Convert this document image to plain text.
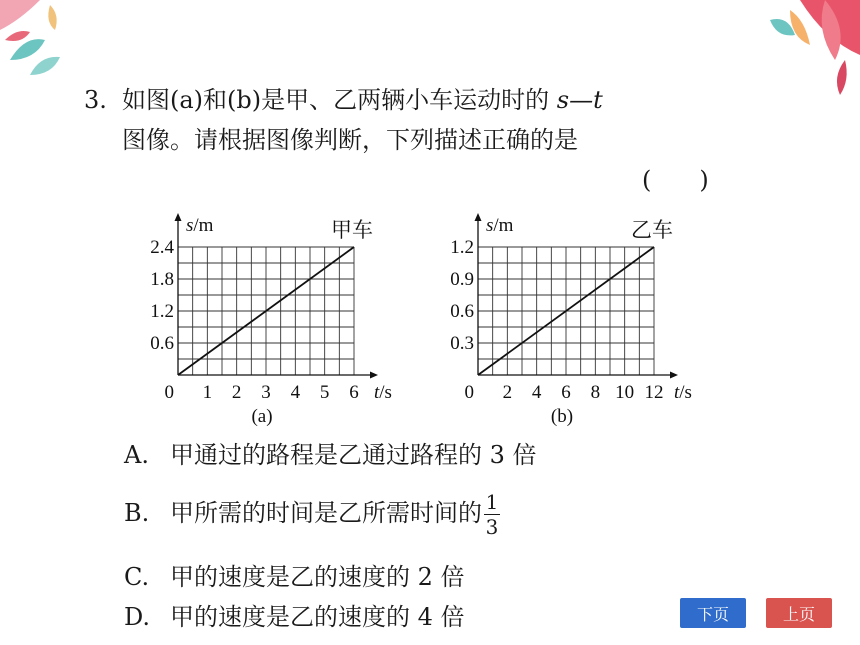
3. 如图(a)和(b)是甲、乙两辆小车运动时的 s—t
图像。请根据图像判断，下列描述正确的是
(　　)
1 2 3 4 5 6
0.6
1.2
1.8
2.4
0	t/s
s/m	甲车
(a)
2 4 6 8 10 12
0.3
0.6
0.9
1.2
0	t/s
s/m	乙车
(b)
A. 甲通过的路程是乙通过路程的 3 倍
B. 甲所需的时间是乙所需时间的 $\frac{1}{3}$
C. 甲的速度是乙的速度的 2 倍
D. 甲的速度是乙的速度的 4 倍	下页	上页
